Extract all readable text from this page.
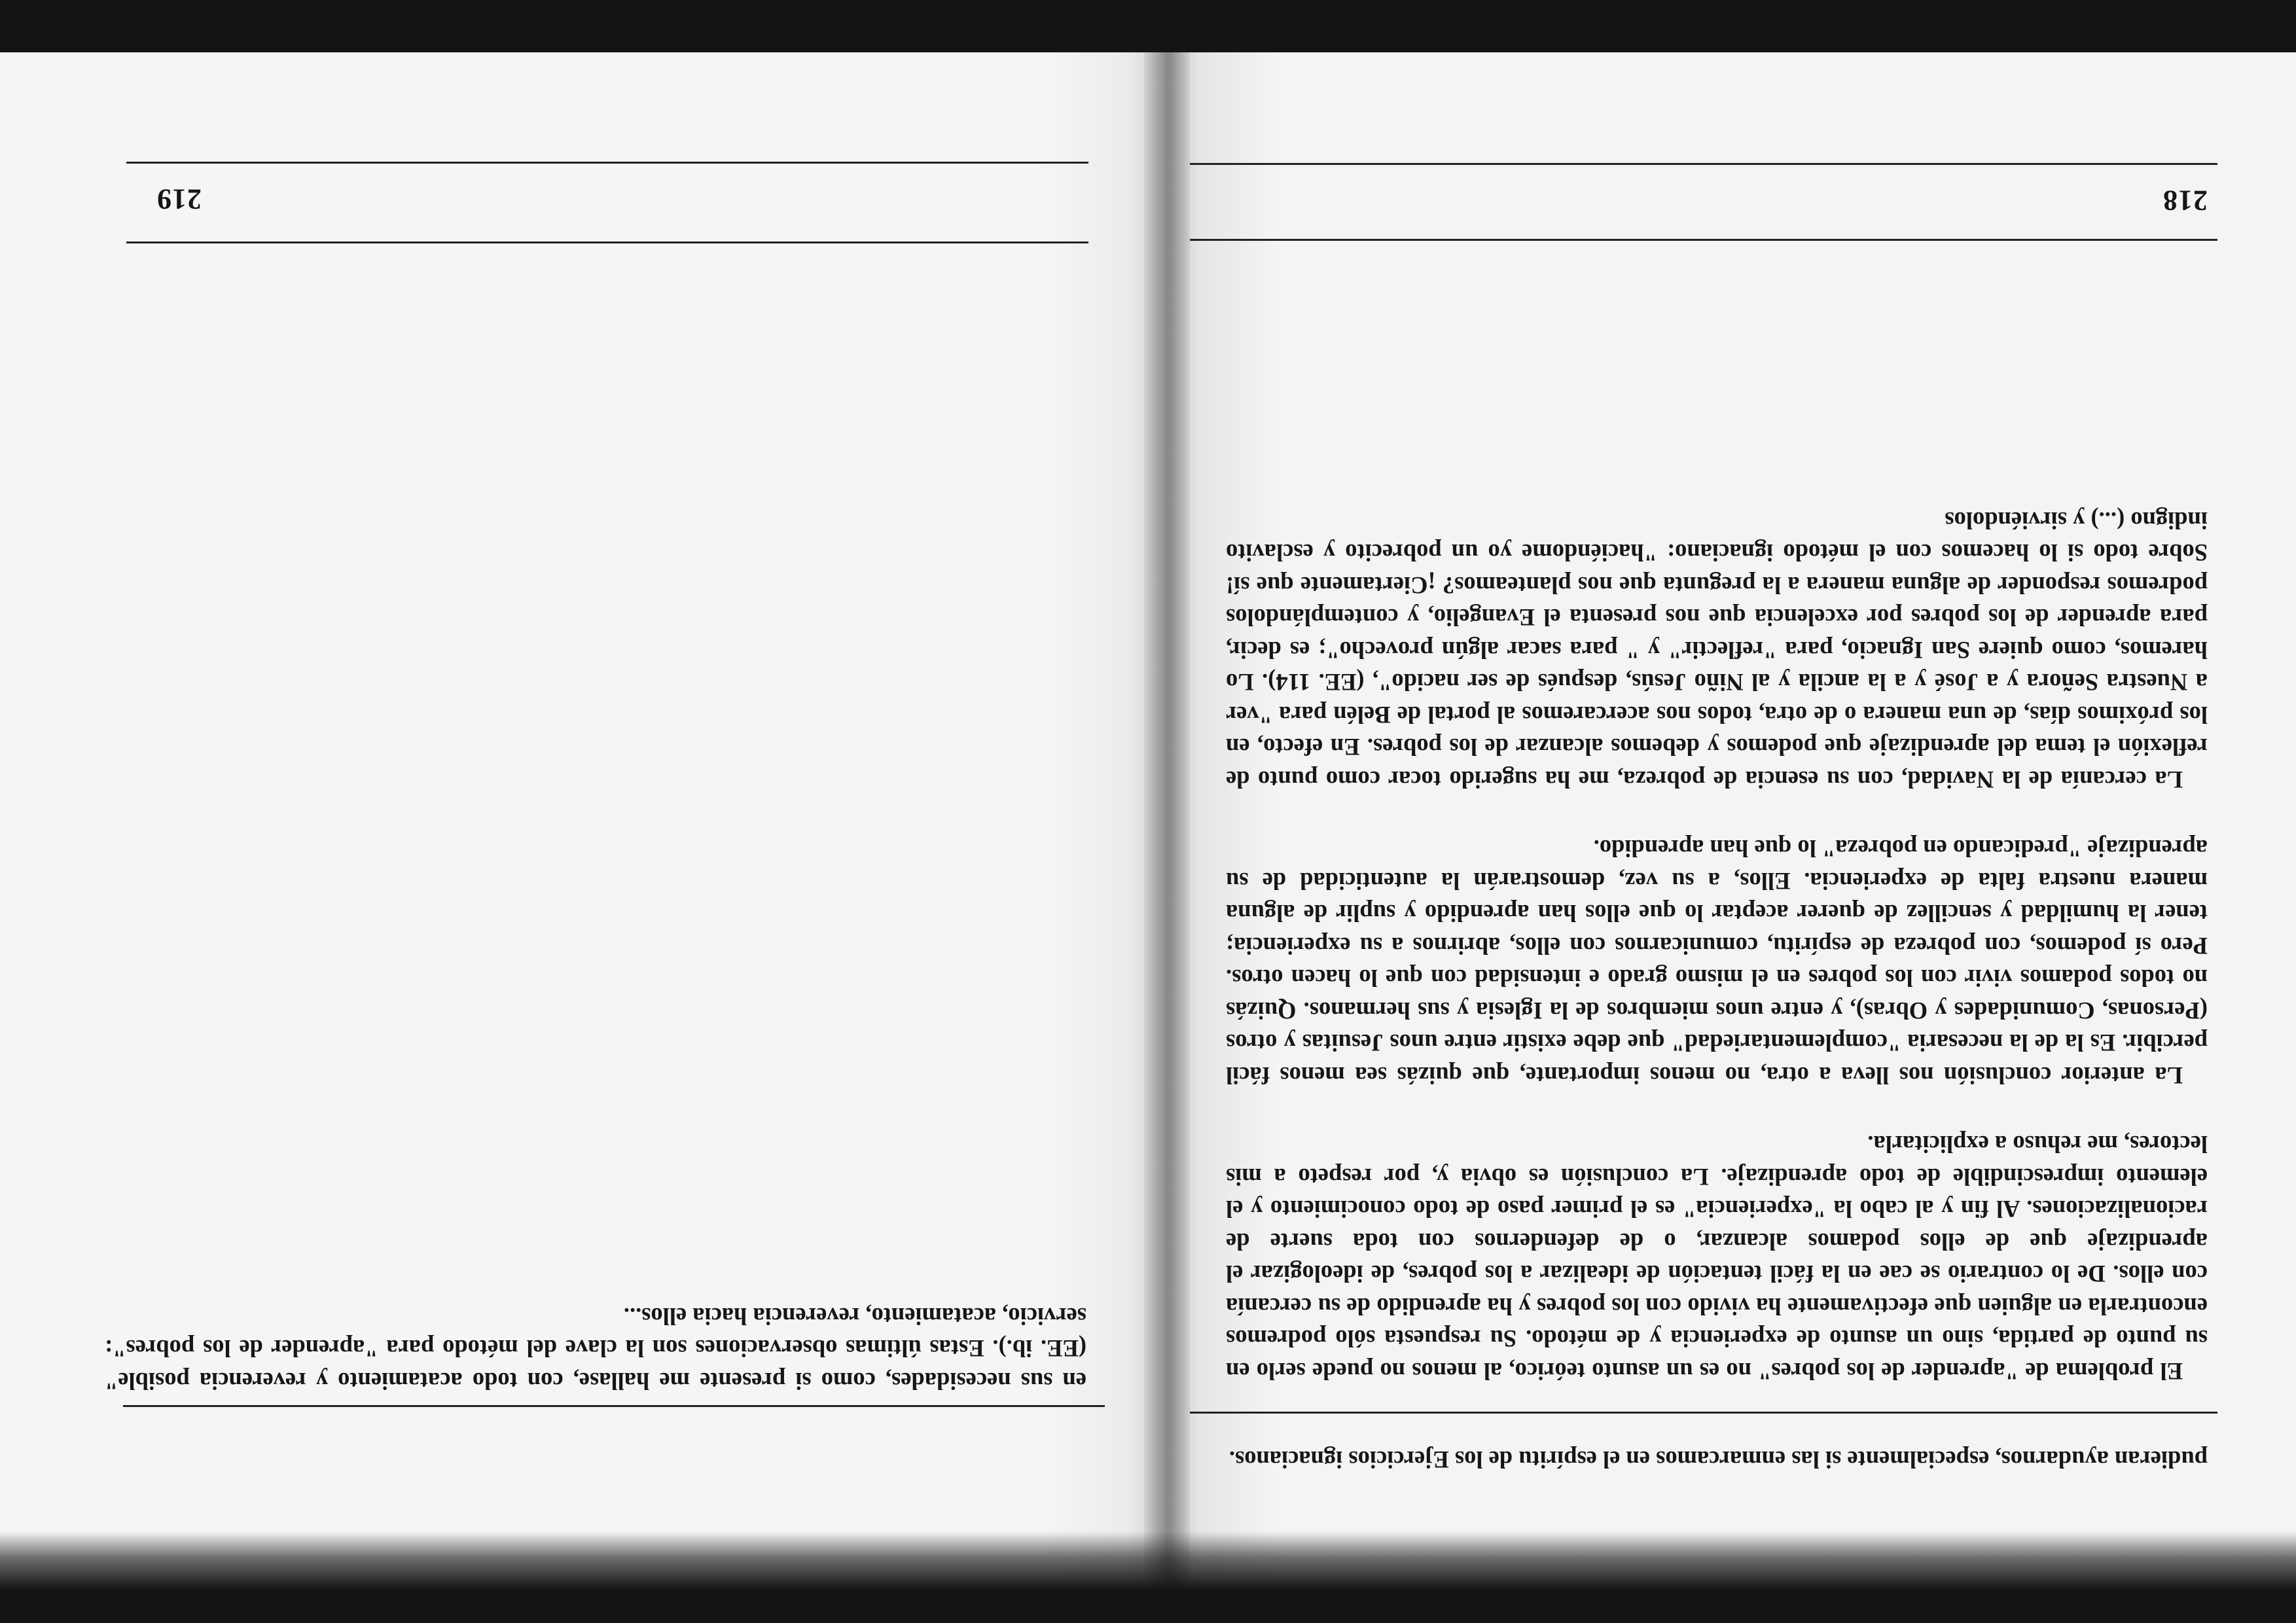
218

pudieran ayudarnos, especialmente si las enmarcamos en el espíritu de los Ejercicios ignacianos.

El problema de "aprender de los pobres" no es un asunto teórico, al menos no puede serlo en su punto de partida, sino un asunto de experiencia y de método. Su respuesta sólo podremos encontrarla en alguien que efectivamente ha vivido con los pobres y ha aprendido de su cercanía con ellos. De lo contrario se cae en la fácil tentación de idealizar a los pobres, de ideologizar el aprendizaje que de ellos podamos alcanzar, o de defendernos con toda suerte de racionalizaciones. Al fin y al cabo la "experiencia" es el primer paso de todo conocimiento y el elemento imprescindible de todo aprendizaje. La conclusión es obvia y, por respeto a mis lectores, me rehuso a explicitarla.

La anterior conclusión nos lleva a otra, no menos importante, que quizás sea menos fácil percibir. Es la de la necesaria "complementariedad" que debe existir entre unos Jesuitas y otros (Personas, Comunidades y Obras), y entre unos miembros de la Iglesia y sus hermanos. Quizás no todos podamos vivir con los pobres en el mismo grado e intensidad con que lo hacen otros. Pero sí podemos, con pobreza de espíritu, comunicarnos con ellos, abrirnos a su experiencia; tener la humildad y sencillez de querer aceptar lo que ellos han aprendido y suplir de alguna manera nuestra falta de experiencia. Ellos, a su vez, demostrarán la autenticidad de su aprendizaje "predicando en pobreza" lo que han aprendido.

La cercanía de la Navidad, con su esencia de pobreza, me ha sugerido tocar como punto de reflexión el tema del aprendizaje que podemos y debemos alcanzar de los pobres. En efecto, en los próximos días, de una manera o de otra, todos nos acercaremos al portal de Belén para "ver a Nuestra Señora y a José y a la ancila y al Niño Jesús, después de ser nacido", (EE. 114). Lo haremos, como quiere San Ignacio, para "reflectir" y " para sacar algún provecho"; es decir, para aprender de los pobres por excelencia que nos presenta el Evangelio, y contemplándolos podremos responder de alguna manera a la pregunta que nos planteamos? ¡Ciertamente que sí! Sobre todo si lo hacemos con el método ignaciano: "haciéndome yo un pobrecito y esclavito indigno (...) y sirviéndolos

219

en sus necesidades, como si presente me hallase, con todo acatamiento y reverencia posible" (EE. ib.). Estas últimas observaciones son la clave del método para "aprender de los pobres": servicio, acatamiento, reverencia hacia ellos...
